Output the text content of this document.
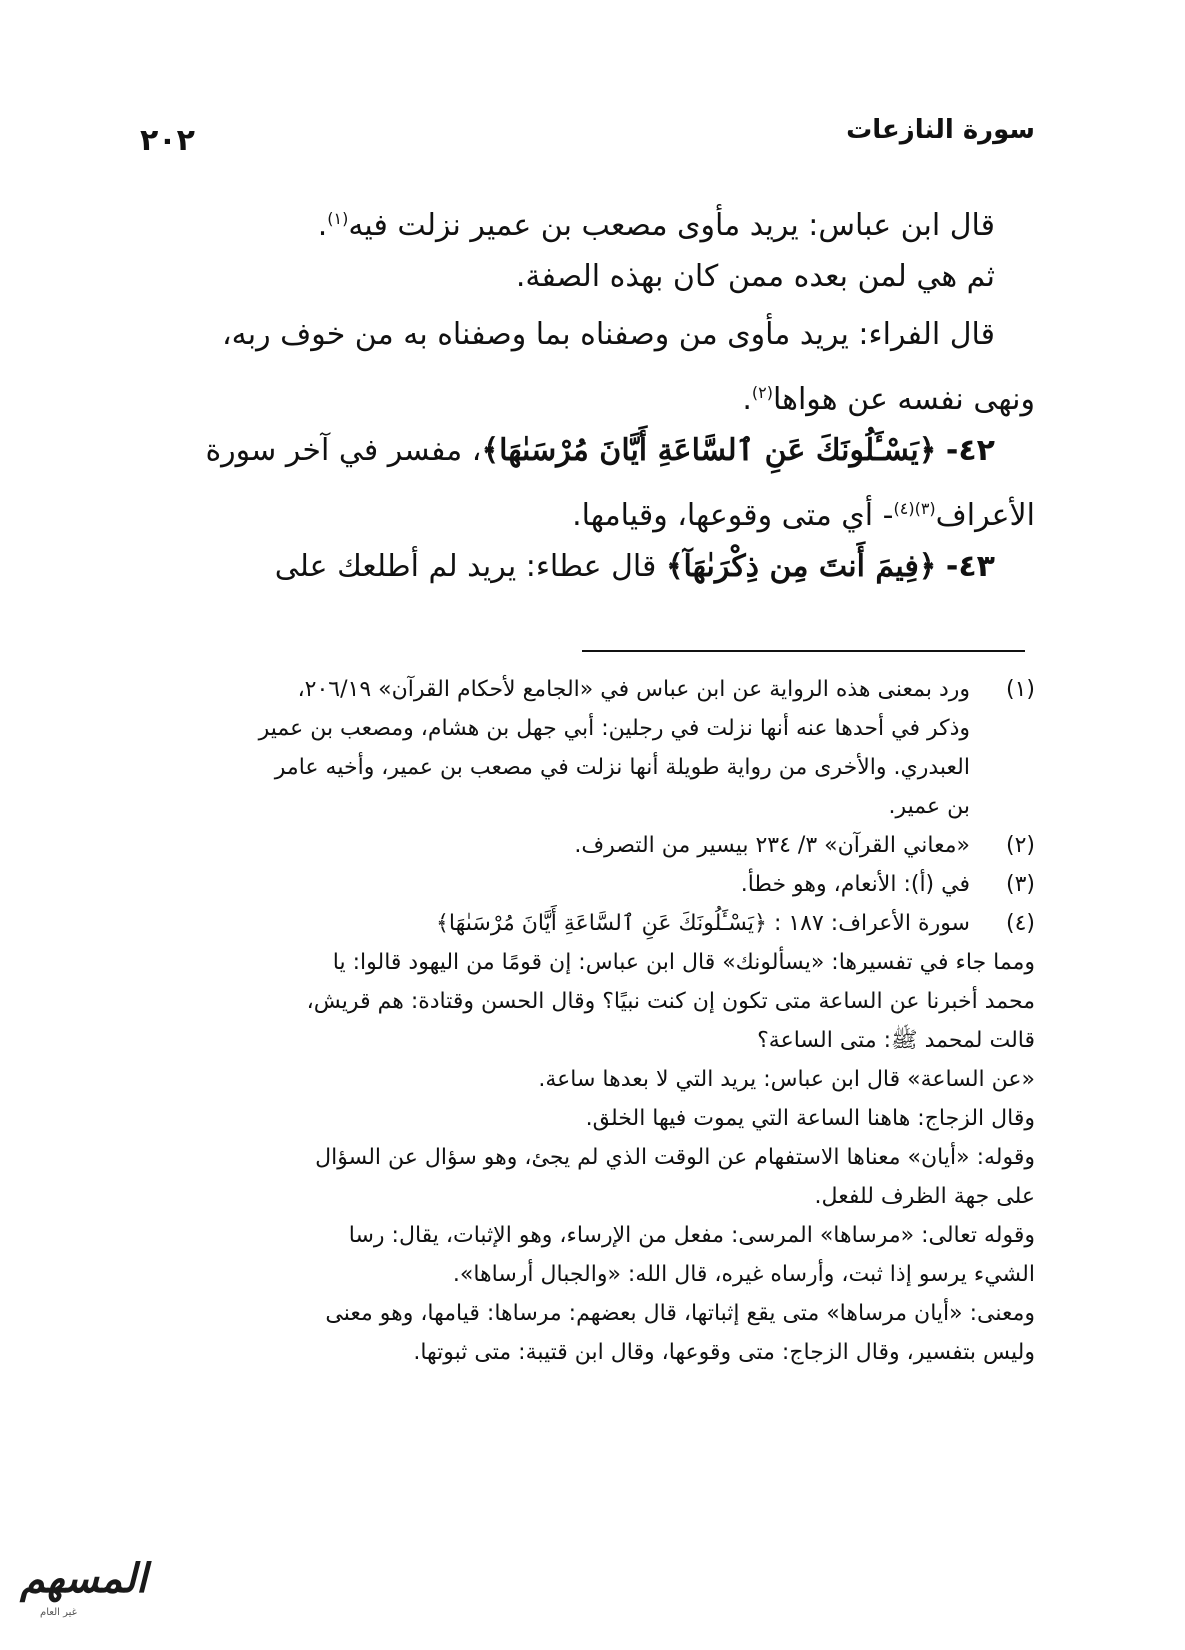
٢٠٢	سورة النازعات
قال ابن عباس: يريد مأوى مصعب بن عمير نزلت فيه$^{(١)}$.
ثم هي لمن بعده ممن كان بهذه الصفة.
قال الفراء: يريد مأوى من وصفناه بما وصفناه به من خوف ربه،
ونهى نفسه عن هواها$^{(٢)}$.
٤٢- ﴿يَسْـَٔلُونَكَ عَنِ ٱلسَّاعَةِ أَيَّانَ مُرْسَىٰهَا﴾، مفسر في آخر سورة
الأعراف$^{(٣)(٤)}$- أي متى وقوعها، وقيامها.
٤٣- ﴿فِيمَ أَنتَ مِن ذِكْرَىٰهَآ﴾ قال عطاء: يريد لم أطلعك على
(١)
ورد بمعنى هذه الرواية عن ابن عباس في «الجامع لأحكام القرآن» ٢٠٦/١٩،
وذكر في أحدها عنه أنها نزلت في رجلين: أبي جهل بن هشام، ومصعب بن عمير
العبدري. والأخرى من رواية طويلة أنها نزلت في مصعب بن عمير، وأخيه عامر
بن عمير.
(٢)
«معاني القرآن» ٣/ ٢٣٤ بيسير من التصرف.
(٣)
في (أ): الأنعام، وهو خطأ.
(٤)
سورة الأعراف: ١٨٧ : ﴿يَسْـَٔلُونَكَ عَنِ ٱلسَّاعَةِ أَيَّانَ مُرْسَىٰهَا﴾
ومما جاء في تفسيرها: «يسألونك» قال ابن عباس: إن قومًا من اليهود قالوا: يا
محمد أخبرنا عن الساعة متى تكون إن كنت نبيًا؟ وقال الحسن وقتادة: هم قريش،
قالت لمحمد ﷺ: متى الساعة؟
«عن الساعة» قال ابن عباس: يريد التي لا بعدها ساعة.
وقال الزجاج: هاهنا الساعة التي يموت فيها الخلق.
وقوله: «أيان» معناها الاستفهام عن الوقت الذي لم يجئ، وهو سؤال عن السؤال
على جهة الظرف للفعل.
وقوله تعالى: «مرساها» المرسى: مفعل من الإرساء، وهو الإثبات، يقال: رسا
الشيء يرسو إذا ثبت، وأرساه غيره، قال الله: «والجبال أرساها».
ومعنى: «أيان مرساها» متى يقع إثباتها، قال بعضهم: مرساها: قيامها، وهو معنى
وليس بتفسير، وقال الزجاج: متى وقوعها، وقال ابن قتيبة: متى ثبوتها.
المسهم
غير العام
